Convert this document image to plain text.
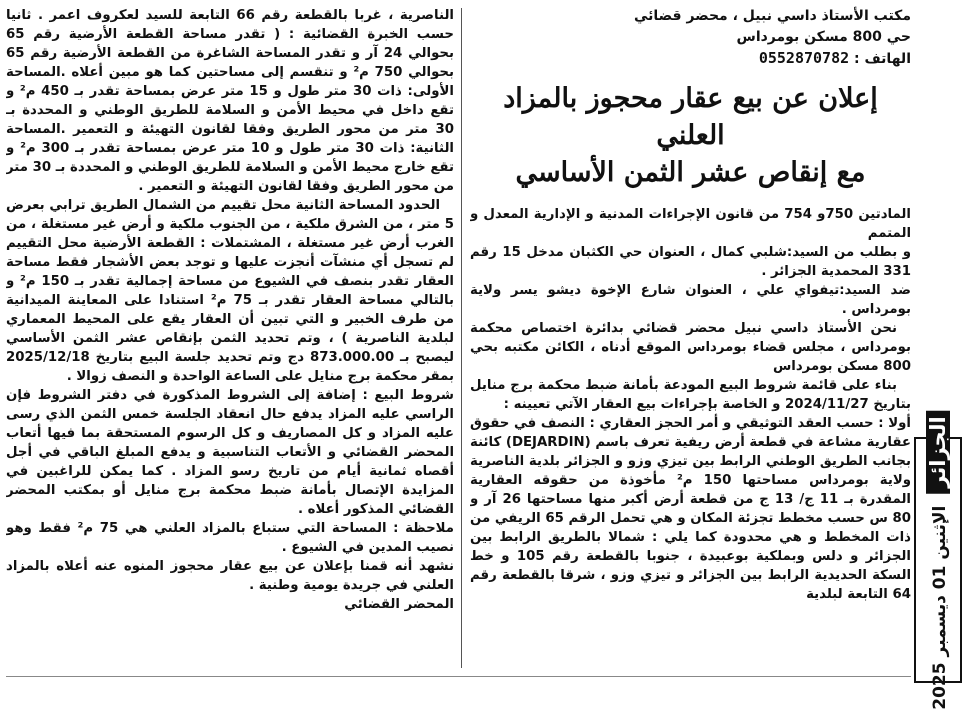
مكتب الأستاذ داسي نبيل ، محضر قضائي

حي 800 مسكن بومرداس

الهاتف : 0552870782

إعلان عن بيع عقار محجوز بالمزاد
العلني
مع إنقاص عشر الثمن الأساسي

المادتين 750و 754 من قانون الإجراءات المدنية و الإدارية المعدل و المتمم

و بطلب من السيد:شلبي كمال ، العنوان حي الكثبان مدخل 15 رقم 331 المحمدية الجزائر .

ضد السيد:تيفواي علي ، العنوان شارع الإخوة ديشو يسر ولاية بومرداس .

نحن الأستاذ داسي نبيل محضر قضائي بدائرة اختصاص محكمة بومرداس ، مجلس قضاء بومرداس الموقع أدناه ، الكائن مكتبه بحي 800 مسكن بومرداس

بناء على قائمة شروط البيع المودعة بأمانة ضبط محكمة برج منايل بتاريخ 2024/11/27 و الخاصة بإجراءات بيع العقار الآتي تعيينه :

أولا : حسب العقد التوثيقي و أمر الحجز العقاري : النصف في حقوق عقارية مشاعة في قطعة أرض ريفية تعرف باسم (DEJARDIN) كائنة بجانب الطريق الوطني الرابط بين تيزي وزو و الجزائر بلدية الناصرية ولاية بومرداس مساحتها 150 م² مأخوذة من حقوقه العقارية المقدرة بـ 11 ج/ 13 ج من قطعة أرض أكبر منها مساحتها 26 آر و 80 س حسب مخطط تجزئة المكان و هي تحمل الرقم 65 الريفي من ذات المخطط و هي محدودة كما يلي : شمالا بالطريق الرابط بين الجزائر و دلس وبملكية بوعبيدة ، جنوبا بالقطعة رقم 105 و خط السكة الحديدية الرابط بين الجزائر و تيزي وزو ، شرقا بالقطعة رقم 64 التابعة لبلدية

الناصرية ، غربا بالقطعة رقم 66 التابعة للسيد لعكروف اعمر . ثانيا حسب الخبرة القضائية : ( تقدر مساحة القطعة الأرضية رقم 65 بحوالي 24 آر و تقدر المساحة الشاغرة من القطعة الأرضية رقم 65 بحوالي 750 م² و تنقسم إلى مساحتين كما هو مبين أعلاه .المساحة الأولى: ذات 30 متر طول و 15 متر عرض بمساحة تقدر بـ 450 م² و تقع داخل في محيط الأمن و السلامة للطريق الوطني و المحددة بـ 30 متر من محور الطريق وفقا لقانون التهيئة و التعمير .المساحة الثانية: ذات 30 متر طول و 10 متر عرض بمساحة تقدر بـ 300 م² و تقع خارج محيط الأمن و السلامة للطريق الوطني و المحددة بـ 30 متر من محور الطريق وفقا لقانون التهيئة و التعمير .

الحدود المساحة الثانية محل تقييم من الشمال الطريق ترابي بعرض 5 متر ، من الشرق ملكية ، من الجنوب ملكية و أرض غير مستغلة ، من الغرب أرض غير مستغلة ، المشتملات : القطعة الأرضية محل التقييم لم تسجل أي منشآت أنجزت عليها و توجد بعض الأشجار فقط مساحة العقار تقدر بنصف في الشيوع من مساحة إجمالية تقدر بـ 150 م² و بالتالي مساحة العقار تقدر بـ 75 م² استنادا على المعاينة الميدانية من طرف الخبير و التي تبين أن العقار يقع على المحيط المعماري لبلدية الناصرية ) ، وتم تحديد الثمن بإنقاص عشر الثمن الأساسي ليصبح بـ 873.000.00 دج وتم تحديد جلسة البيع بتاريخ 2025/12/18 بمقر محكمة برج منايل على الساعة الواحدة و النصف زوالا .

شروط البيع : إضافة إلى الشروط المذكورة في دفتر الشروط فإن الراسي عليه المزاد يدفع حال انعقاد الجلسة خمس الثمن الذي رسى عليه المزاد و كل المصاريف و كل الرسوم المستحقة بما فيها أتعاب المحضر القضائي و الأتعاب التناسبية و يدفع المبلغ الباقي في أجل أقصاه ثمانية أيام من تاريخ رسو المزاد . كما يمكن للراغبين في المزايدة الإتصال بأمانة ضبط محكمة برج منايل أو بمكتب المحضر القضائي المذكور أعلاه .

ملاحظة : المساحة التي ستباع بالمزاد العلني هي 75 م² فقط وهو نصيب المدين في الشيوع .

نشهد أنه قمنا بإعلان عن بيع عقار محجوز المنوه عنه أعلاه بالمزاد العلني في جريدة يومية وطنية .

المحضر القضائي

الجزائر الإثنين 01 ديسمبر 2025
